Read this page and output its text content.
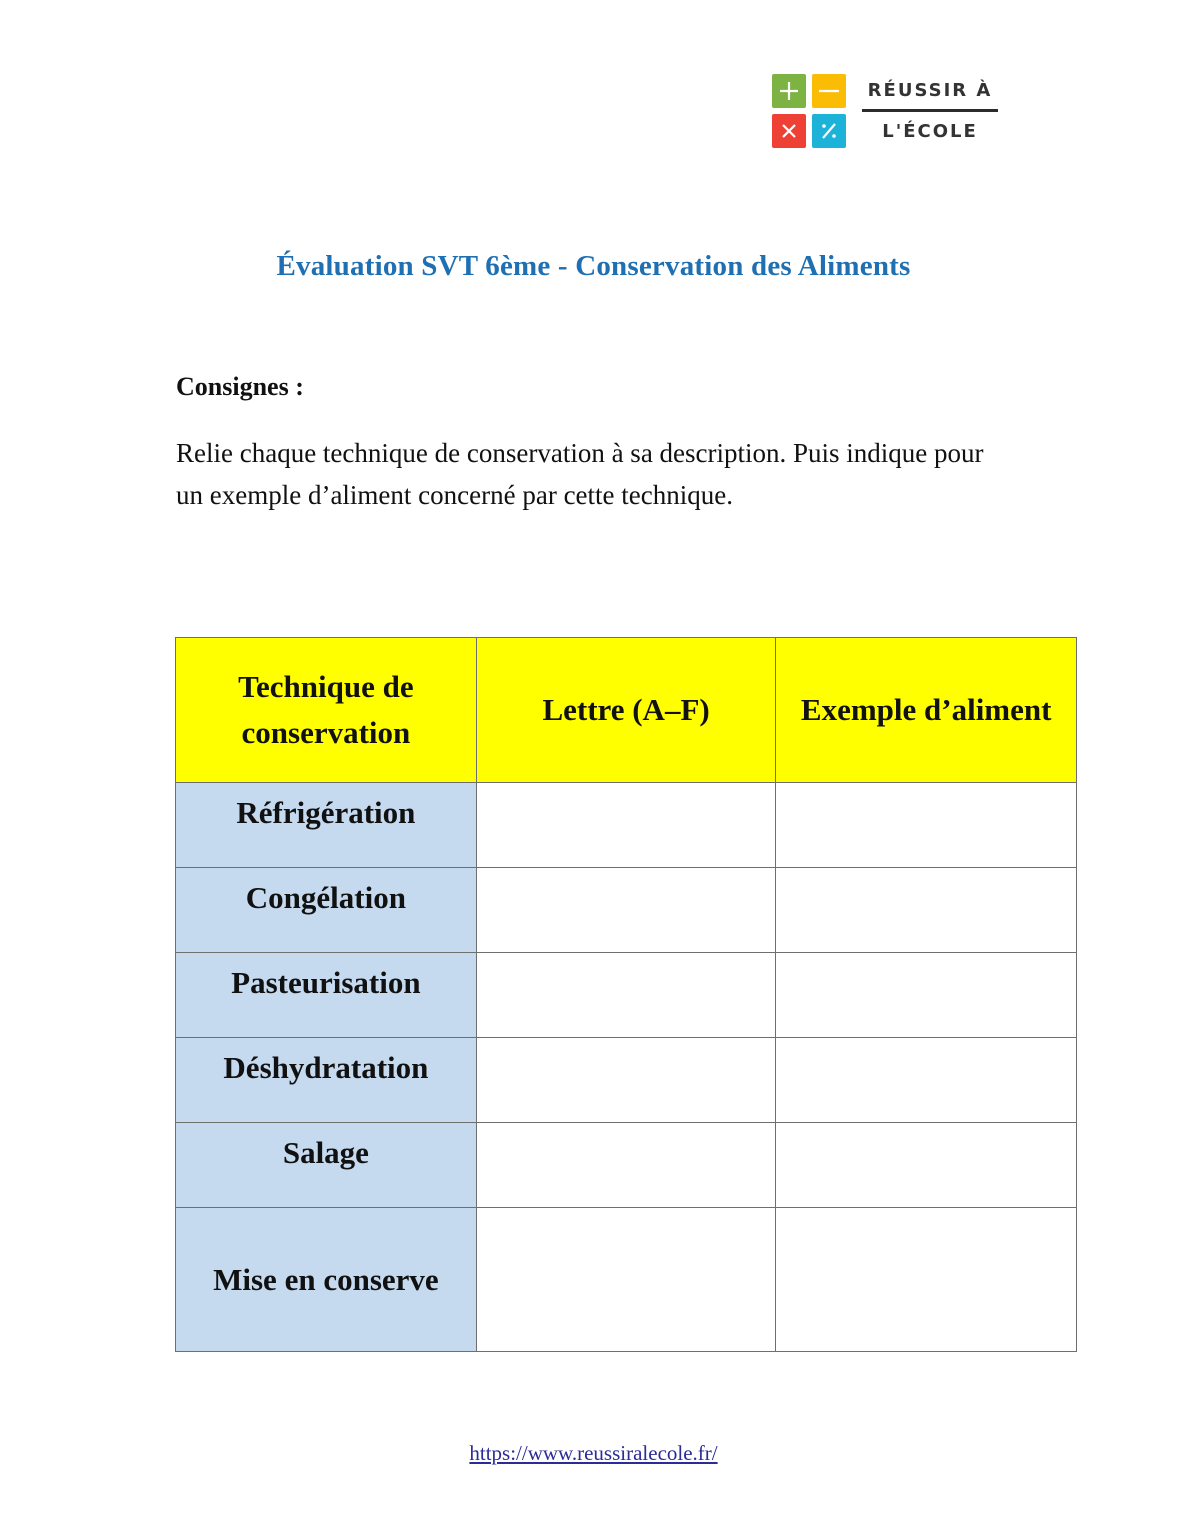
RÉUSSIR À
L'ÉCOLE
Évaluation SVT 6ème - Conservation des Aliments
Consignes :

Relie chaque technique de conservation à sa description. Puis indique pour un exemple d’aliment concerné par cette technique.

Technique de conservation	Lettre (A–F)	Exemple d’aliment
Réfrigération		
Congélation		
Pasteurisation		
Déshydratation		
Salage		
Mise en conserve		
https://www.reussiralecole.fr/
